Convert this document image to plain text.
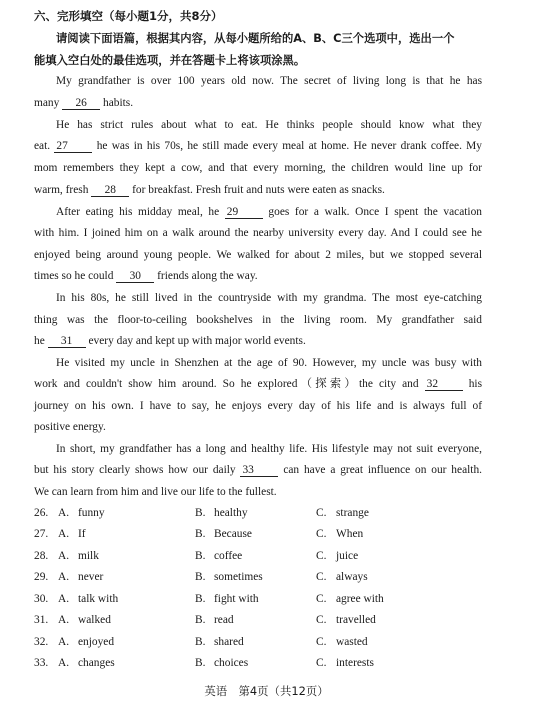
六、完形填空（每小题1分，共8分）
请阅读下面语篇，根据其内容，从每小题所给的A、B、C三个选项中，选出一个
能填入空白处的最佳选项，并在答题卡上将该项涂黑。
My grandfather is over 100 years old now. The secret of living long is that he has
many 26 habits.
He has strict rules about what to eat. He thinks people should know what they
eat. 27	he was in his 70s, he still made every meal at home. He never drank coffee. My
mom remembers they kept a cow, and that every morning, the children would line up for
warm, fresh 28 for breakfast. Fresh fruit and nuts were eaten as snacks.
After eating his midday meal, he 29	goes for a walk. Once I spent the vacation
with him. I joined him on a walk around the nearby university every day. And I could see he
enjoyed being around young people. We walked for about 2 miles, but we stopped several
times so he could 30 friends along the way.
In his 80s, he still lived in the countryside with my grandma. The most eye-catching
thing was the floor-to-ceiling bookshelves in the living room. My grandfather said
he 31 every day and kept up with major world events.
He visited my uncle in Shenzhen at the age of 90. However, my uncle was busy with
work and couldn't show him around. So he explored（探索）the city and 32	his
journey on his own. I have to say, he enjoys every day of his life and is always full of
positive energy.
In short, my grandfather has a long and healthy life. His lifestyle may not suit everyone,
but his story clearly shows how our daily 33	can have a great influence on our health.
We can learn from him and live our life to the fullest.
26. A. funny	B. healthy	C. strange
27. A. If	B. Because	C. When
28. A. milk	B. coffee	C. juice
29. A. never	B. sometimes	C. always
30. A. talk with	B. fight with	C. agree with
31. A. walked	B. read	C. travelled
32. A. enjoyed	B. shared	C. wasted
33. A. changes	B. choices	C. interests
英语　第4页（共12页）
